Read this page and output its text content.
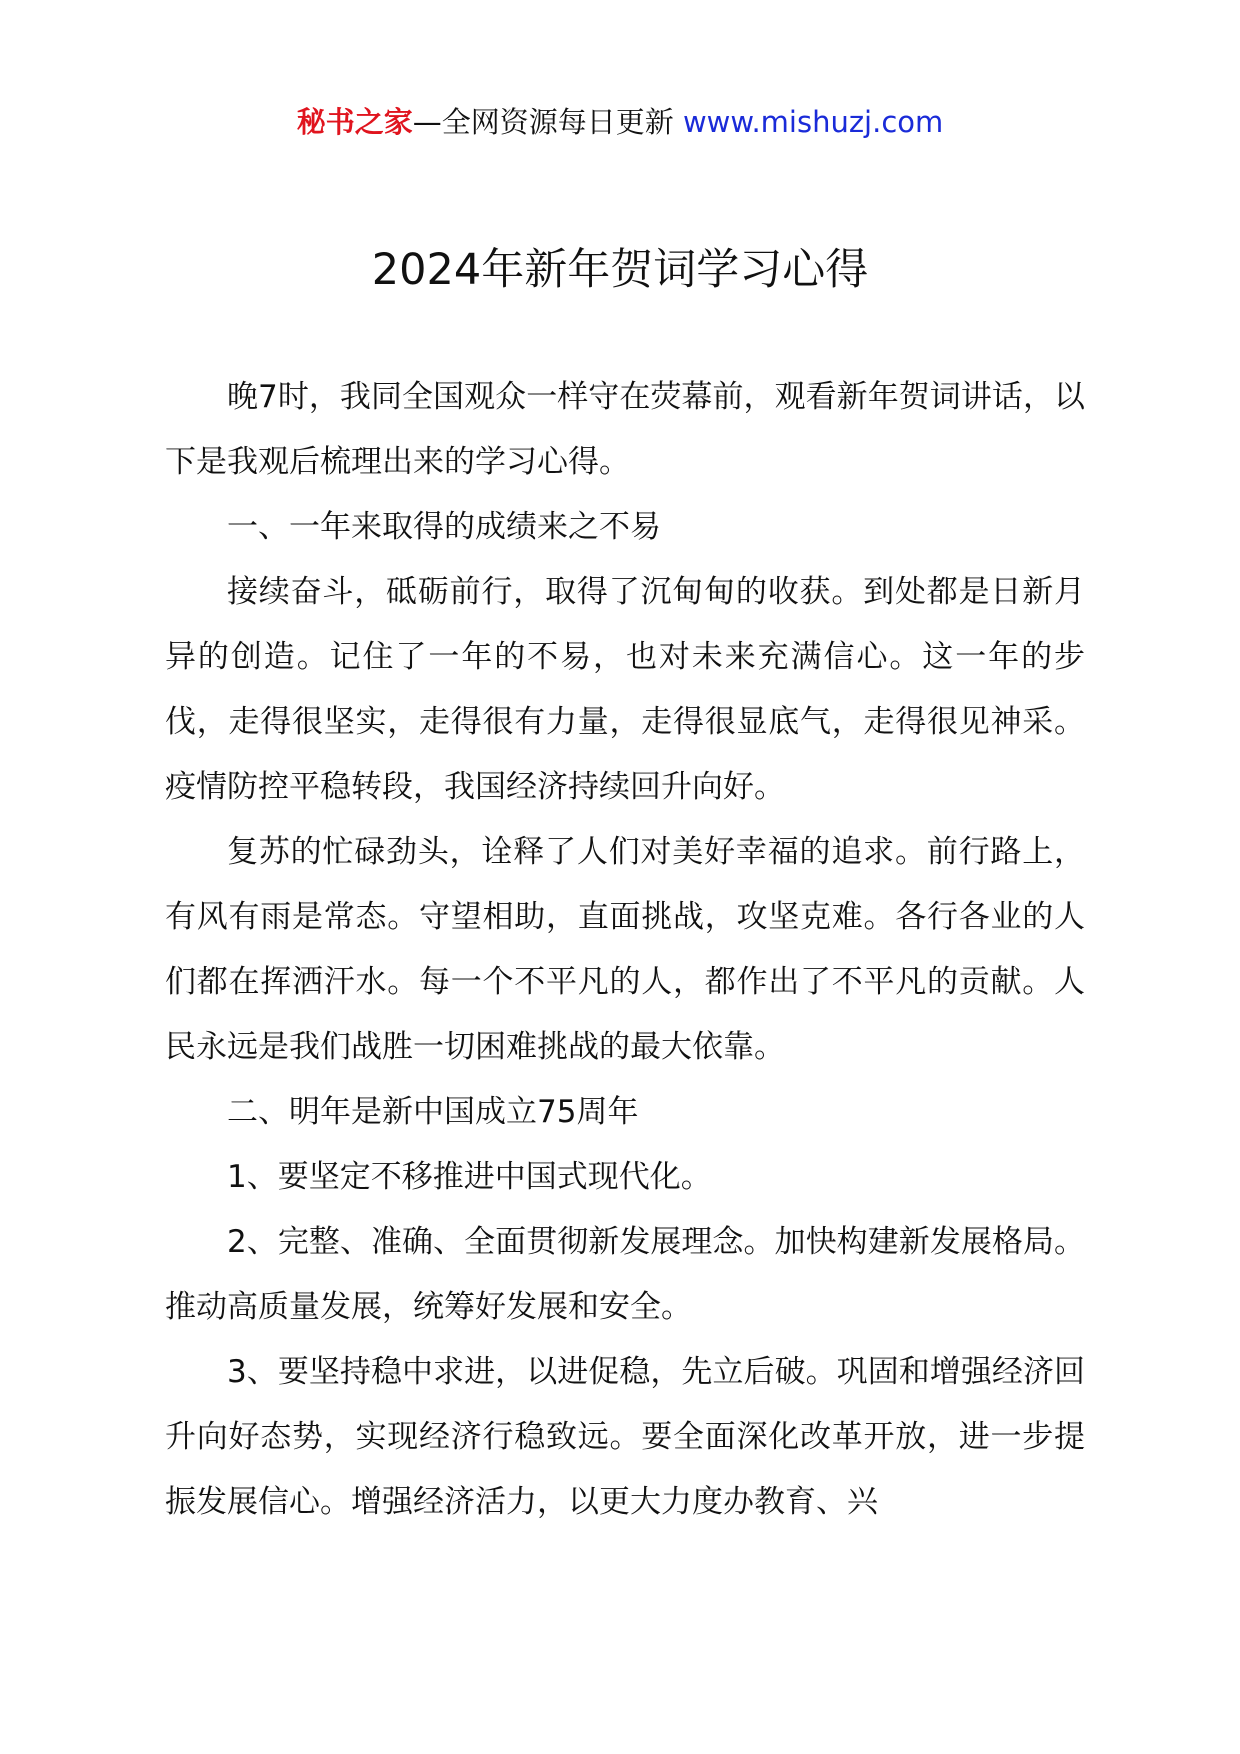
秘书之家—全网资源每日更新 www.mishuzj.com
2024年新年贺词学习心得

晚7时，我同全国观众一样守在荧幕前，观看新年贺词讲话，以下是我观后梳理出来的学习心得。

一、一年来取得的成绩来之不易

接续奋斗，砥砺前行，取得了沉甸甸的收获。到处都是日新月异的创造。记住了一年的不易，也对未来充满信心。这一年的步伐，走得很坚实，走得很有力量，走得很显底气，走得很见神采。疫情防控平稳转段，我国经济持续回升向好。

复苏的忙碌劲头，诠释了人们对美好幸福的追求。前行路上，有风有雨是常态。守望相助，直面挑战，攻坚克难。各行各业的人们都在挥洒汗水。每一个不平凡的人，都作出了不平凡的贡献。人民永远是我们战胜一切困难挑战的最大依靠。

二、明年是新中国成立75周年

1、要坚定不移推进中国式现代化。

2、完整、准确、全面贯彻新发展理念。加快构建新发展格局。推动高质量发展，统筹好发展和安全。

3、要坚持稳中求进，以进促稳，先立后破。巩固和增强经济回升向好态势，实现经济行稳致远。要全面深化改革开放，进一步提振发展信心。增强经济活力，以更大力度办教育、兴
